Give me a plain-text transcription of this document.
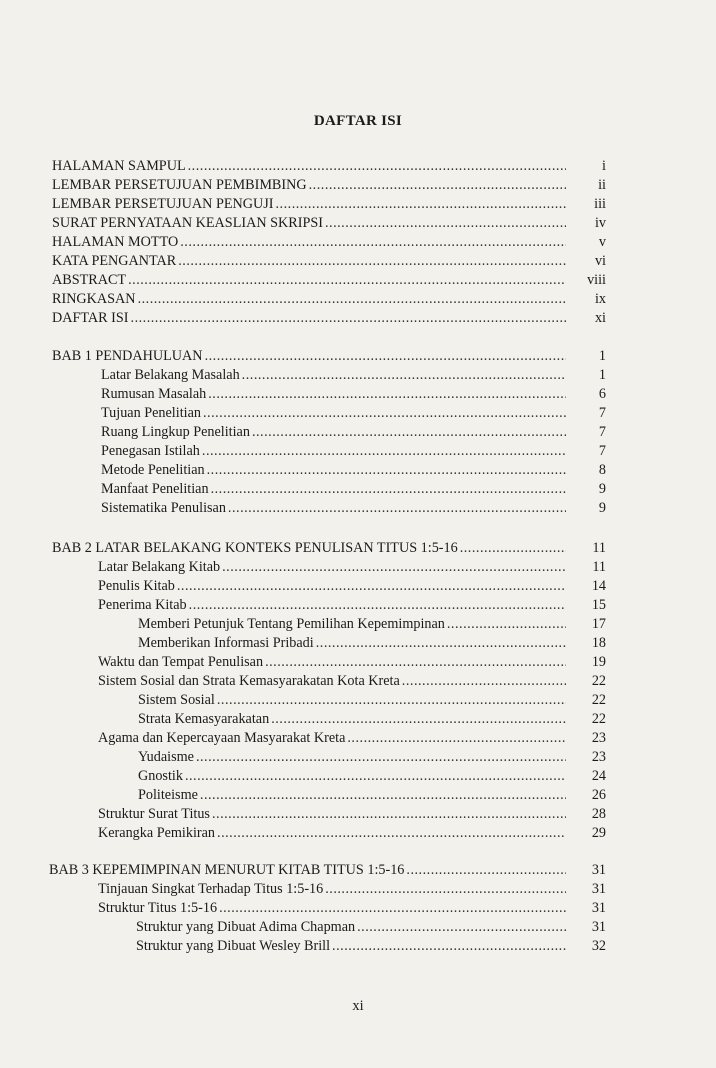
DAFTAR ISI
HALAMAN SAMPUL .....	i
LEMBAR PERSETUJUAN PEMBIMBING .....	ii
LEMBAR PERSETUJUAN PENGUJI .....	iii
SURAT PERNYATAAN KEASLIAN SKRIPSI .....	iv
HALAMAN MOTTO .....	v
KATA PENGANTAR .....	vi
ABSTRACT .....	viii
RINGKASAN .....	ix
DAFTAR ISI .....	xi
BAB 1 PENDAHULUAN .....	1
Latar Belakang Masalah .....	1
Rumusan Masalah .....	6
Tujuan Penelitian .....	7
Ruang Lingkup Penelitian .....	7
Penegasan Istilah .....	7
Metode Penelitian .....	8
Manfaat Penelitian .....	9
Sistematika Penulisan .....	9
BAB 2 LATAR BELAKANG KONTEKS PENULISAN TITUS 1:5-16 .....	11
Latar Belakang Kitab .....	11
Penulis Kitab .....	14
Penerima Kitab .....	15
Memberi Petunjuk Tentang Pemilihan Kepemimpinan .....	17
Memberikan Informasi Pribadi .....	18
Waktu dan Tempat Penulisan .....	19
Sistem Sosial dan Strata Kemasyarakatan Kota Kreta .....	22
Sistem Sosial .....	22
Strata Kemasyarakatan .....	22
Agama dan Kepercayaan Masyarakat Kreta .....	23
Yudaisme .....	23
Gnostik .....	24
Politeisme .....	26
Struktur Surat Titus .....	28
Kerangka Pemikiran .....	29
BAB 3 KEPEMIMPINAN MENURUT KITAB TITUS 1:5-16 .....	31
Tinjauan Singkat Terhadap Titus 1:5-16 .....	31
Struktur Titus 1:5-16 .....	31
Struktur yang Dibuat Adima Chapman .....	31
Struktur yang Dibuat Wesley Brill .....	32
xi
